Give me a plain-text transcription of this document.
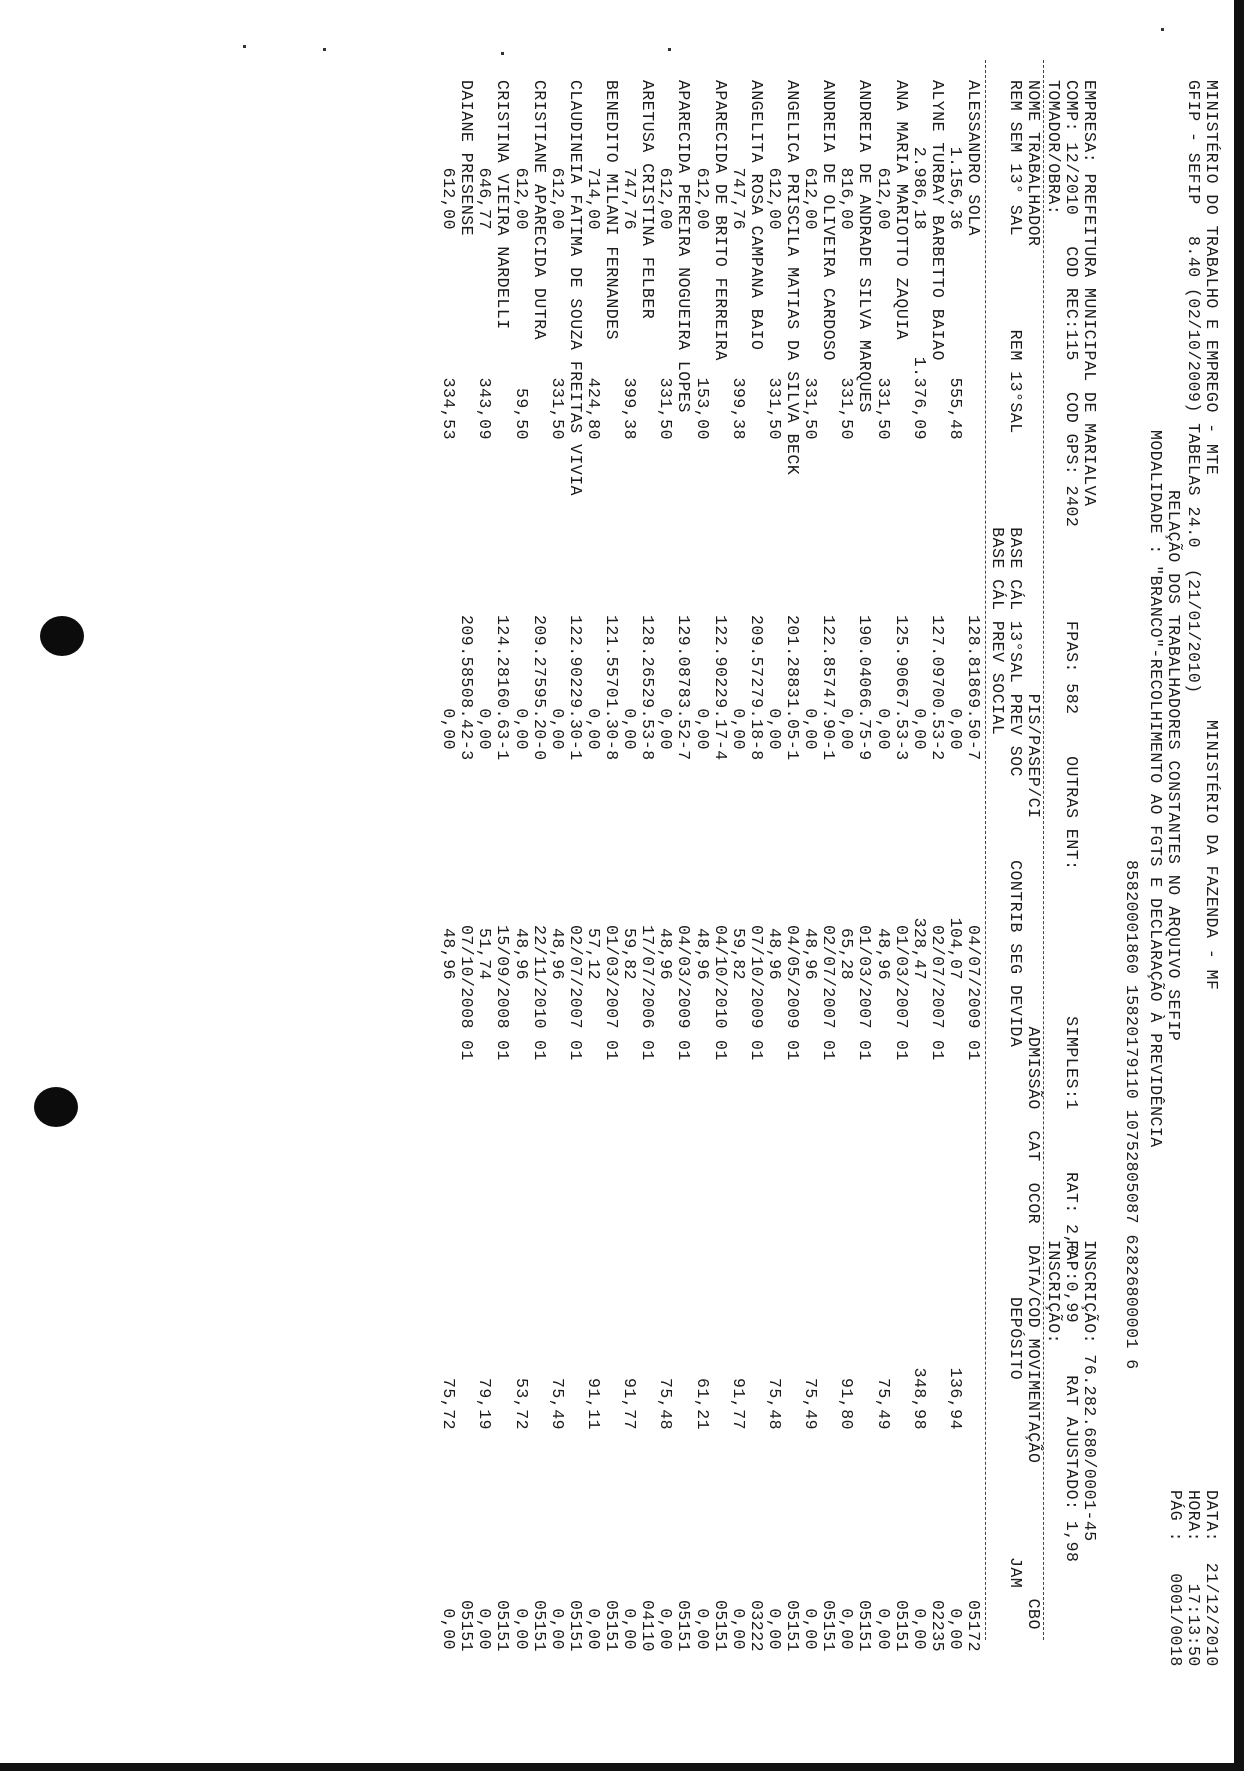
MINISTÉRIO DO TRABALHO E EMPREGO - MTE

MINISTÉRIO DA FAZENDA - MF

GFIP - SEFIP   8.40 (02/10/2009) TABELAS 24.0  (21/01/2010)

DATA:  21/12/2010

HORA:    17:13:50

PÁG :   0001/0018

RELAÇÃO DOS TRABALHADORES CONSTANTES NO ARQUIVO SEFIP

MODALIDADE : "BRANCO"-RECOLHIMENTO AO FGTS E DECLARAÇÃO À PREVIDÊNCIA

85820001860 15820179110 10752805087 62826800001 6

EMPRESA: PREFEITURA MUNICIPAL DE MARIALVA

INSCRIÇÃO: 76.282.680/0001-45

COMP: 12/2010   COD REC:115   COD GPS: 2402         FPAS: 582    OUTRAS ENT:              SIMPLES:1      RAT: 2,0

FAP:0,99     RAT AJUSTADO: 1,98

TOMADOR/OBRA:

INSCRIÇÃO:

NOME TRABALHADOR                                           PIS/PASEP/CI                    ADMISSÃO  CAT  OCOR  DATA/COD MOVIMENTAÇÃO             CBO

REM SEM 13° SAL         REM 13°SAL         BASE CÁL 13°SAL PREV SOC        CONTRIB SEG DEVIDA                        DEPÓSITO                 JAM

BASE CÁL PREV SOCIAL

ALESSANDRO SOLA

128.81869.50-7

04/07/2009

01

05172

1.156,36

555,48

0,00

104,07

136,94

0,00

ALYNE TURBAY BARBETTO BAIAO

127.09700.53-2

02/07/2007

01

02235

2.986,18

1.376,09

0,00

328,47

348,98

0,00

ANA MARIA MARIOTTO ZAQUIA

125.90667.53-3

01/03/2007

01

05151

612,00

331,50

0,00

48,96

75,49

0,00

ANDREIA DE ANDRADE SILVA MARQUES

190.04066.75-9

01/03/2007

01

05151

816,00

331,50

0,00

65,28

91,80

0,00

ANDREIA DE OLIVEIRA CARDOSO

122.85747.90-1

02/07/2007

01

05151

612,00

331,50

0,00

48,96

75,49

0,00

ANGELICA PRISCILA MATIAS DA SILVA BECK

201.28831.05-1

04/05/2009

01

05151

612,00

331,50

0,00

48,96

75,48

0,00

ANGELITA ROSA CAMPANA BAIO

209.57279.18-8

07/10/2009

01

03222

747,76

399,38

0,00

59,82

91,77

0,00

APARECIDA DE BRITO FERREIRA

122.90229.17-4

04/10/2010

01

05151

612,00

153,00

0,00

48,96

61,21

0,00

APARECIDA PEREIRA NOGUEIRA LOPES

129.08783.52-7

04/03/2009

01

05151

612,00

331,50

0,00

48,96

75,48

0,00

ARETUSA CRISTINA FELBER

128.26529.53-8

17/07/2006

01

04110

747,76

399,38

0,00

59,82

91,77

0,00

BENEDITO MILANI FERNANDES

121.55701.30-8

01/03/2007

01

05151

714,00

424,80

0,00

57,12

91,11

0,00

CLAUDINEIA FATIMA DE SOUZA FREITAS VIVIA

122.90229.30-1

02/07/2007

01

05151

612,00

331,50

0,00

48,96

75,49

0,00

CRISTIANE APARECIDA DUTRA

209.27595.20-0

22/11/2010

01

05151

612,00

59,50

0,00

48,96

53,72

0,00

CRISTINA VIEIRA NARDELLI

124.28160.63-1

15/09/2008

01

05151

646,77

343,09

0,00

51,74

79,19

0,00

DAIANE PRESENSE

209.58508.42-3

07/10/2008

01

05151

612,00

334,53

0,00

48,96

75,72

0,00
